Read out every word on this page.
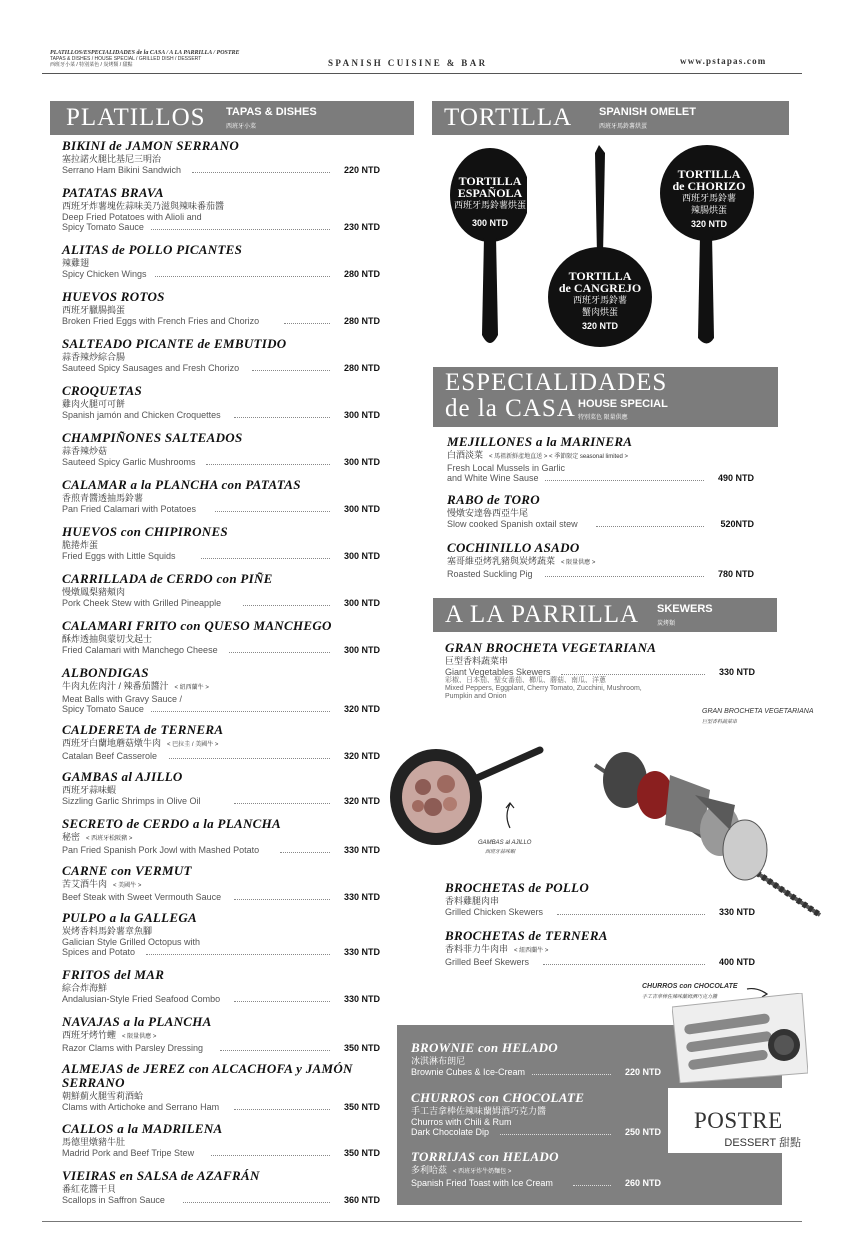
PLATILLOS/ESPECIALIDADES de la CASA / A LA PARRILLA / POSTRE
TAPAS & DISHES / HOUSE SPECIAL / GRILLED DISH / DESSERT
西班牙小菜 / 特別菜色 / 炭烤類 / 甜點	SPANISH CUISINE & BAR	www.pstapas.com
PLATILLOS TAPAS & DISHES
西班牙小菜
BIKINI de JAMON SERRANO
塞拉諾火腿比基尼三明治
Serrano Ham Bikini Sandwich	220 NTD
PATATAS BRAVA
西班牙炸薯塊佐蒜味美乃滋與辣味番茄醬
Deep Fried Potatoes with Alioli and
Spicy Tomato Sauce	230 NTD
ALITAS de POLLO PICANTES
辣雞翅
Spicy Chicken Wings	280 NTD
HUEVOS ROTOS
西班牙臘腸搗蛋
Broken Fried Eggs with French Fries and Chorizo	280 NTD
SALTEADO PICANTE de EMBUTIDO
蒜香辣炒綜合腸
Sauteed Spicy Sausages and Fresh Chorizo	280 NTD
CROQUETAS
雞肉火腿可可餅
Spanish jamón and Chicken Croquettes	300 NTD
CHAMPIÑONES SALTEADOS
蒜香辣炒菇
Sauteed Spicy Garlic Mushrooms	300 NTD
CALAMAR a la PLANCHA con PATATAS
香煎青醬透抽馬鈴薯
Pan Fried Calamari with Potatoes	300 NTD
HUEVOS con CHIPIRONES
脆捲炸蛋
Fried Eggs with Little Squids	300 NTD
CARRILLADA de CERDO con PIÑE
慢燉鳳梨豬頰肉
Pork Cheek Stew with Grilled Pineapple	300 NTD
CALAMARI FRITO con QUESO MANCHEGO
酥炸透抽與蒙切戈起士
Fried Calamari with Manchego Cheese	300 NTD
ALBONDIGAS
牛肉丸佐肉汁 / 辣番茄醬汁 < 紐西蘭牛 >
Meat Balls with Gravy Sauce /
Spicy Tomato Sauce	320 NTD
CALDERETA de TERNERA
西班牙白蘭地蘑菇燉牛肉 < 巴拉圭 / 美國牛 >
Catalan Beef Casserole	320 NTD
GAMBAS al AJILLO
西班牙蒜味蝦
Sizzling Garlic Shrimps in Olive Oil	320 NTD
SECRETO de CERDO a la PLANCHA
秘密 < 西班牙松阪豬 >
Pan Fried Spanish Pork Jowl with Mashed Potato	330 NTD
CARNE con VERMUT
苦艾酒牛肉 < 美國牛 >
Beef Steak with Sweet Vermouth Sauce	330 NTD
PULPO a la GALLEGA
炭烤香料馬鈴薯章魚腳
Galician Style Grilled Octopus with
Spices and Potato	330 NTD
FRITOS del MAR
綜合炸海鮮
Andalusian-Style Fried Seafood Combo	330 NTD
NAVAJAS a la PLANCHA
西班牙烤竹蟶 < 限量供應 >
Razor Clams with Parsley Dressing	350 NTD
ALMEJAS de JEREZ con ALCACHOFA y JAMÓN SERRANO
朝鮮薊火腿雪莉酒蛤
Clams with Artichoke and Serrano Ham	350 NTD
CALLOS a la MADRILENA
馬德里燉豬牛肚
Madrid Pork and Beef Tripe Stew	350 NTD
VIEIRAS en SALSA de AZAFRÁN
番紅花醬干貝
Scallops in Saffron Sauce	360 NTD
TORTILLA SPANISH OMELET
西班牙馬鈴薯烘蛋
TORTILLA
ESPAÑOLA
西班牙馬鈴薯烘蛋
300 NTD
TORTILLA
de CANGREJO
西班牙馬鈴薯
蟹肉烘蛋
320 NTD
TORTILLA
de CHORIZO
西班牙馬鈴薯
辣腸烘蛋
320 NTD
ESPECIALIDADES
de la CASA HOUSE SPECIAL
特別菜色 限量供應
MEJILLONES a la MARINERA
白酒淡菜 < 馬祖新鮮產地直送 > < 季節限定 seasonal limited >
Fresh Local Mussels in Garlic
and White Wine Sause	490 NTD
RABO de TORO
慢燉安達魯西亞牛尾
Slow cooked Spanish oxtail stew	520NTD
COCHINILLO ASADO
塞哥維亞烤乳豬與炭烤蔬菜 < 限量供應 >
Roasted Suckling Pig	780 NTD
A LA PARRILLA SKEWERS
炭烤類
GRAN BROCHETA VEGETARIANA
巨型香料蔬菜串
Giant Vegetables Skewers	330 NTD
彩椒、日本茄、聖女番茄、櫛瓜、蘑菇、南瓜、洋蔥
Mixed Peppers, Eggplant, Cherry Tomato, Zucchini, Mushroom,
Pumpkin and Onion
BROCHETAS de POLLO
香料雞腿肉串
Grilled Chicken Skewers	330 NTD
BROCHETAS de TERNERA
香料菲力牛肉串 < 紐西蘭牛 >
Grilled Beef Skewers	400 NTD
GRAN BROCHETA VEGETARIANA
巨型香料蔬菜串
GAMBAS al AJILLO
西班牙蒜味蝦
CHURROS con CHOCOLATE
手工吉拿棒佐辣味蘭姆酒巧克力醬
BROWNIE con HELADO
冰淇淋布朗尼
Brownie Cubes & Ice-Cream	220 NTD
CHURROS con CHOCOLATE
手工吉拿棒佐辣味蘭姆酒巧克力醬
Churros with Chili & Rum
Dark Chocolate Dip	250 NTD
TORRIJAS con HELADO
多利哈茲 < 西班牙炸牛奶麵包 >
Spanish Fried Toast with Ice Cream	260 NTD
POSTRE
DESSERT 甜點
